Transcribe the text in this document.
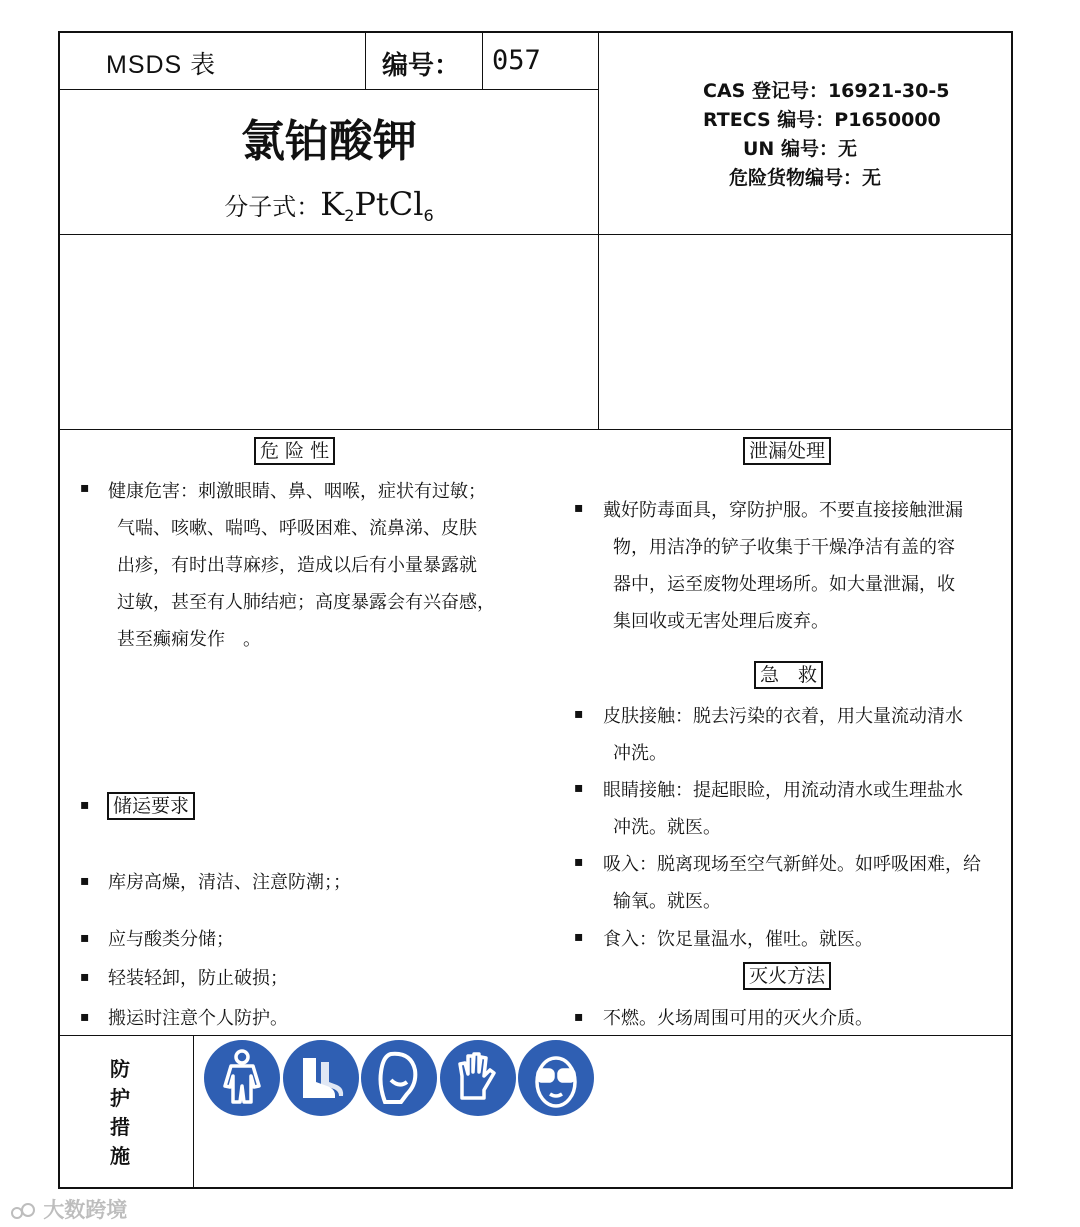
MSDS 表	编号： 057
氯铂酸钾
分子式：$K_2PtCl_6$
CAS 登记号：16921-30-5
RTECS 编号：P1650000
UN 编号：无
危险货物编号：无
危 险 性
▪ 健康危害：刺激眼睛、鼻、咽喉，症状有过敏；
气喘、咳嗽、喘鸣、呼吸困难、流鼻涕、皮肤
出疹，有时出荨麻疹，造成以后有小量暴露就
过敏，甚至有人肺结疤；高度暴露会有兴奋感，
甚至癫痫发作　。
▪	储运要求
▪ 库房高燥，清洁、注意防潮；；
▪ 应与酸类分储；
▪ 轻装轻卸，防止破损；
▪ 搬运时注意个人防护。
泄漏处理
▪ 戴好防毒面具，穿防护服。不要直接接触泄漏
物，用洁净的铲子收集于干燥净洁有盖的容
器中，运至废物处理场所。如大量泄漏，收
集回收或无害处理后废弃。
急　救
▪ 皮肤接触：脱去污染的衣着，用大量流动清水
冲洗。
▪ 眼睛接触：提起眼睑，用流动清水或生理盐水
冲洗。就医。
▪ 吸入：脱离现场至空气新鲜处。如呼吸困难，给
输氧。就医。
▪ 食入：饮足量温水，催吐。就医。
灭火方法
▪ 不燃。火场周围可用的灭火介质。
防
护
措
施
大数跨境
